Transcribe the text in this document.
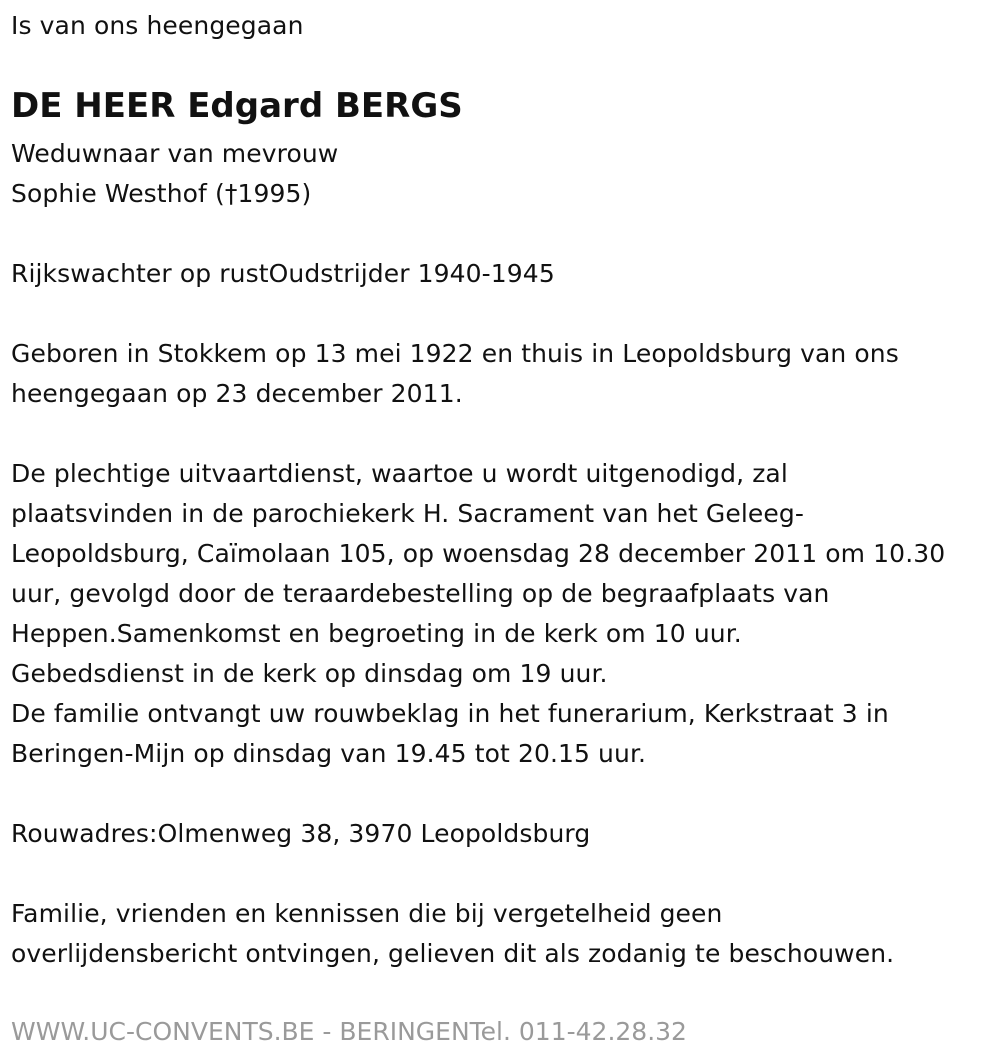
Is van ons heengegaan
DE HEER Edgard BERGS
Weduwnaar van mevrouw
Sophie Westhof (†1995)
Rijkswachter op rustOudstrijder 1940-1945
Geboren in Stokkem op 13 mei 1922 en thuis in Leopoldsburg van ons
heengegaan op 23 december 2011.
De plechtige uitvaartdienst, waartoe u wordt uitgenodigd, zal
plaatsvinden in de parochiekerk H. Sacrament van het Geleeg-
Leopoldsburg, Caïmolaan 105, op woensdag 28 december 2011 om 10.30
uur, gevolgd door de teraardebestelling op de begraafplaats van
Heppen.Samenkomst en begroeting in de kerk om 10 uur.
Gebedsdienst in de kerk op dinsdag om 19 uur.
De familie ontvangt uw rouwbeklag in het funerarium, Kerkstraat 3 in
Beringen-Mijn op dinsdag van 19.45 tot 20.15 uur.
Rouwadres:Olmenweg 38, 3970 Leopoldsburg
Familie, vrienden en kennissen die bij vergetelheid geen
overlijdensbericht ontvingen, gelieven dit als zodanig te beschouwen.
WWW.UC-CONVENTS.BE - BERINGENTel. 011-42.28.32
